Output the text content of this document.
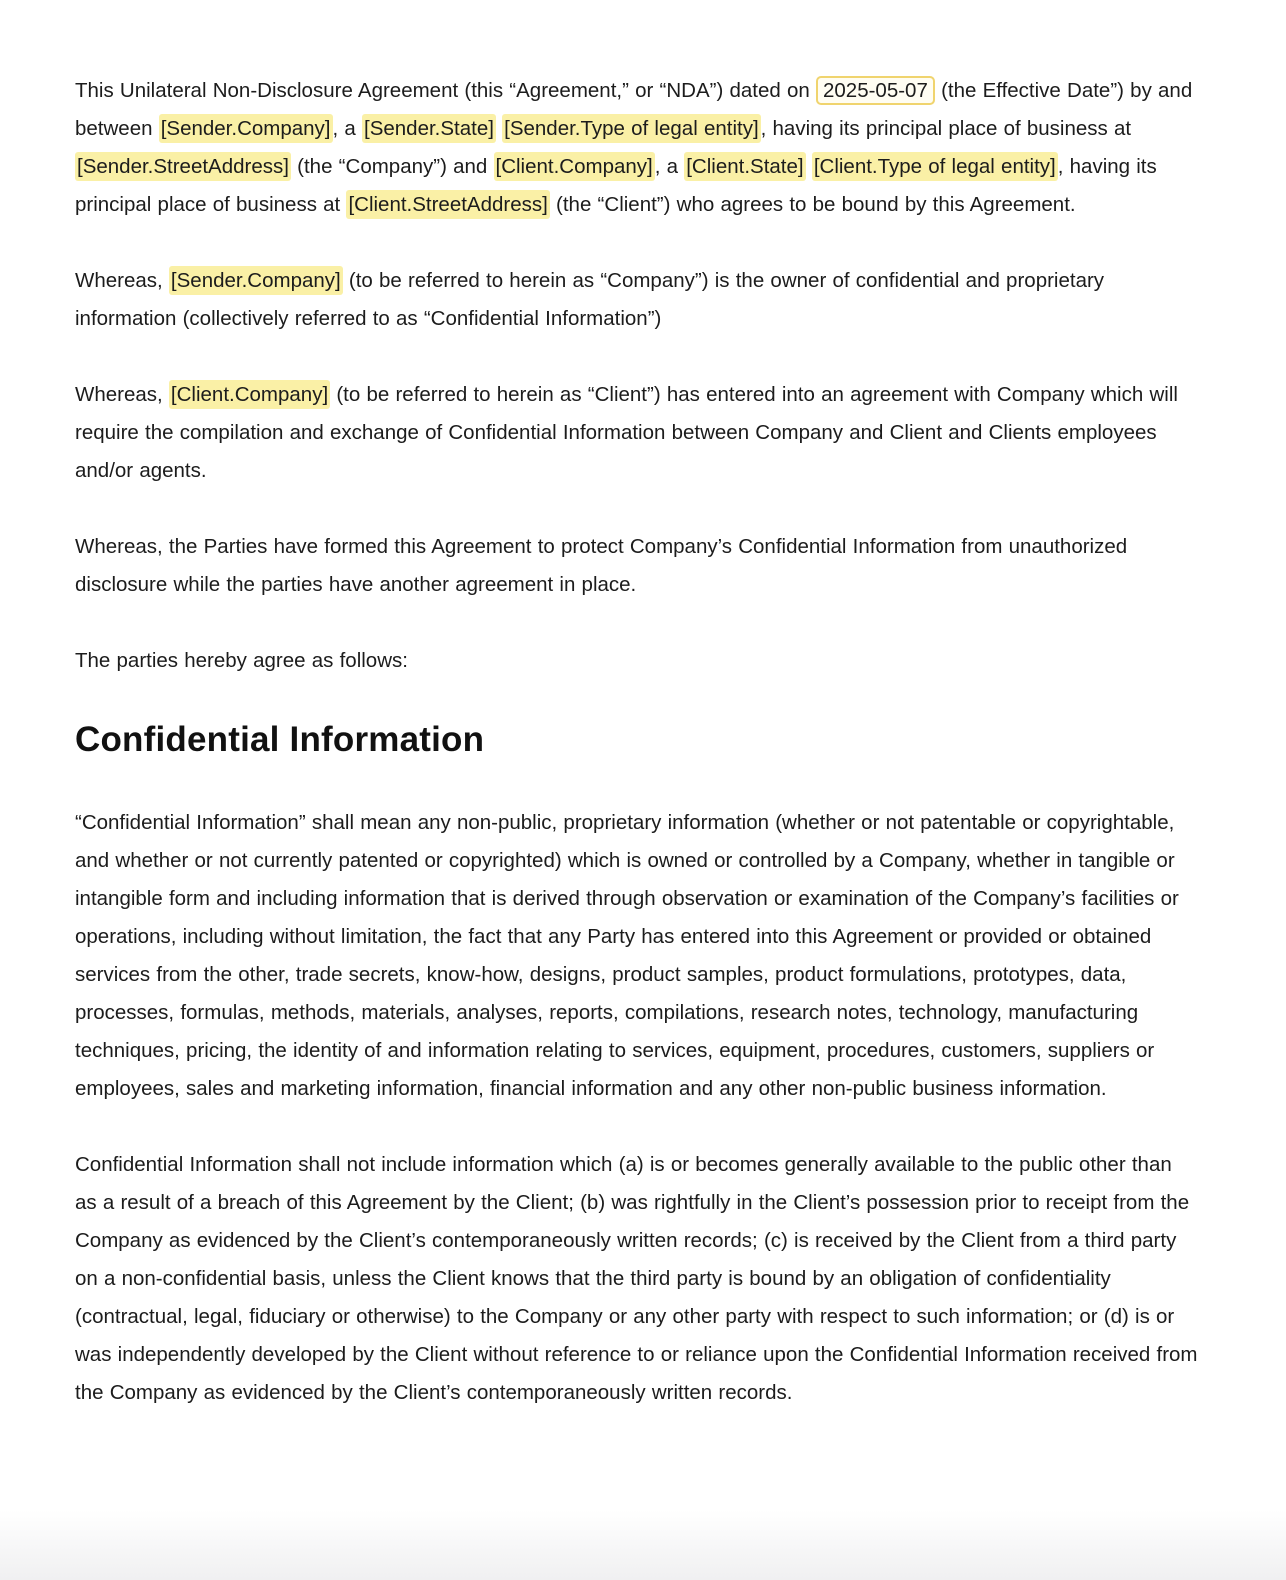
This Unilateral Non-Disclosure Agreement (this “Agreement,” or “NDA”) dated on 2025-05-07 (the Effective Date”) by and between [Sender.Company], a [Sender.State] [Sender.Type of legal entity], having its principal place of business at [Sender.StreetAddress] (the “Company”) and [Client.Company], a [Client.State] [Client.Type of legal entity], having its principal place of business at [Client.StreetAddress] (the “Client”) who agrees to be bound by this Agreement.

Whereas, [Sender.Company] (to be referred to herein as “Company”) is the owner of confidential and proprietary information (collectively referred to as “Confidential Information”)

Whereas, [Client.Company] (to be referred to herein as “Client”) has entered into an agreement with Company which will require the compilation and exchange of Confidential Information between Company and Client and Clients employees and/or agents.

Whereas, the Parties have formed this Agreement to protect Company’s Confidential Information from unauthorized disclosure while the parties have another agreement in place.

The parties hereby agree as follows:

Confidential Information

“Confidential Information” shall mean any non-public, proprietary information (whether or not patentable or copyrightable, and whether or not currently patented or copyrighted) which is owned or controlled by a Company, whether in tangible or intangible form and including information that is derived through observation or examination of the Company’s facilities or operations, including without limitation, the fact that any Party has entered into this Agreement or provided or obtained services from the other, trade secrets, know-how, designs, product samples, product formulations, prototypes, data, processes, formulas, methods, materials, analyses, reports, compilations, research notes, technology, manufacturing techniques, pricing, the identity of and information relating to services, equipment, procedures, customers, suppliers or employees, sales and marketing information, financial information and any other non-public business information.

Confidential Information shall not include information which (a) is or becomes generally available to the public other than as a result of a breach of this Agreement by the Client; (b) was rightfully in the Client’s possession prior to receipt from the Company as evidenced by the Client’s contemporaneously written records; (c) is received by the Client from a third party on a non-confidential basis, unless the Client knows that the third party is bound by an obligation of confidentiality (contractual, legal, fiduciary or otherwise) to the Company or any other party with respect to such information; or (d) is or was independently developed by the Client without reference to or reliance upon the Confidential Information received from the Company as evidenced by the Client’s contemporaneously written records.
